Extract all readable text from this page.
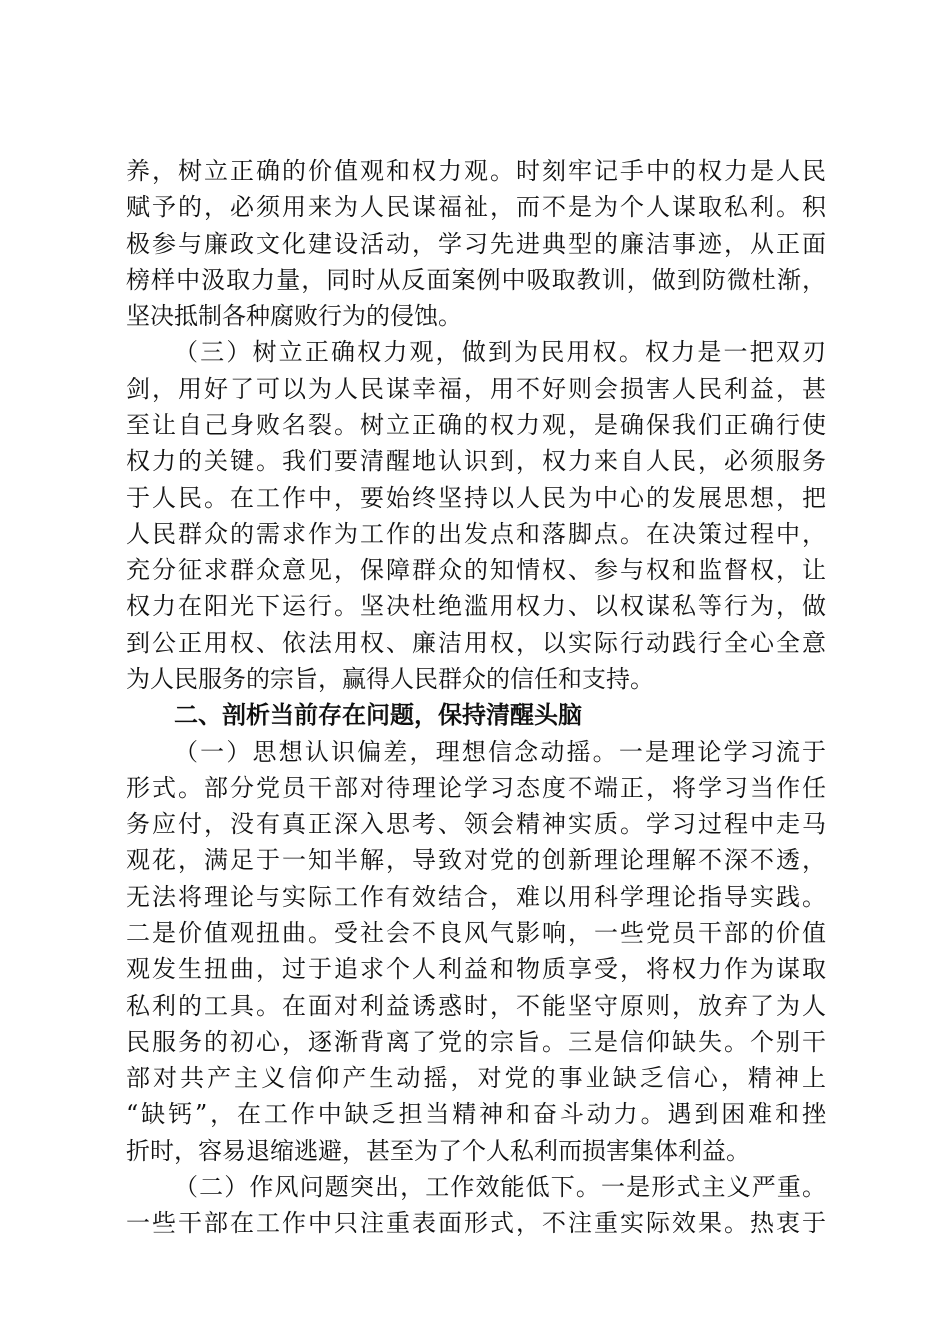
养，树立正确的价值观和权力观。时刻牢记手中的权力是人民
赋予的，必须用来为人民谋福祉，而不是为个人谋取私利。积
极参与廉政文化建设活动，学习先进典型的廉洁事迹，从正面
榜样中汲取力量，同时从反面案例中吸取教训，做到防微杜渐，
坚决抵制各种腐败行为的侵蚀。
（三）树立正确权力观，做到为民用权。权力是一把双刃
剑，用好了可以为人民谋幸福，用不好则会损害人民利益，甚
至让自己身败名裂。树立正确的权力观，是确保我们正确行使
权力的关键。我们要清醒地认识到，权力来自人民，必须服务
于人民。在工作中，要始终坚持以人民为中心的发展思想，把
人民群众的需求作为工作的出发点和落脚点。在决策过程中，
充分征求群众意见，保障群众的知情权、参与权和监督权，让
权力在阳光下运行。坚决杜绝滥用权力、以权谋私等行为，做
到公正用权、依法用权、廉洁用权，以实际行动践行全心全意
为人民服务的宗旨，赢得人民群众的信任和支持。
二、剖析当前存在问题，保持清醒头脑
（一）思想认识偏差，理想信念动摇。一是理论学习流于
形式。部分党员干部对待理论学习态度不端正，将学习当作任
务应付，没有真正深入思考、领会精神实质。学习过程中走马
观花，满足于一知半解，导致对党的创新理论理解不深不透，
无法将理论与实际工作有效结合，难以用科学理论指导实践。
二是价值观扭曲。受社会不良风气影响，一些党员干部的价值
观发生扭曲，过于追求个人利益和物质享受，将权力作为谋取
私利的工具。在面对利益诱惑时，不能坚守原则，放弃了为人
民服务的初心，逐渐背离了党的宗旨。三是信仰缺失。个别干
部对共产主义信仰产生动摇，对党的事业缺乏信心，精神上
“缺钙”，在工作中缺乏担当精神和奋斗动力。遇到困难和挫
折时，容易退缩逃避，甚至为了个人私利而损害集体利益。
（二）作风问题突出，工作效能低下。一是形式主义严重。
一些干部在工作中只注重表面形式，不注重实际效果。热衷于
